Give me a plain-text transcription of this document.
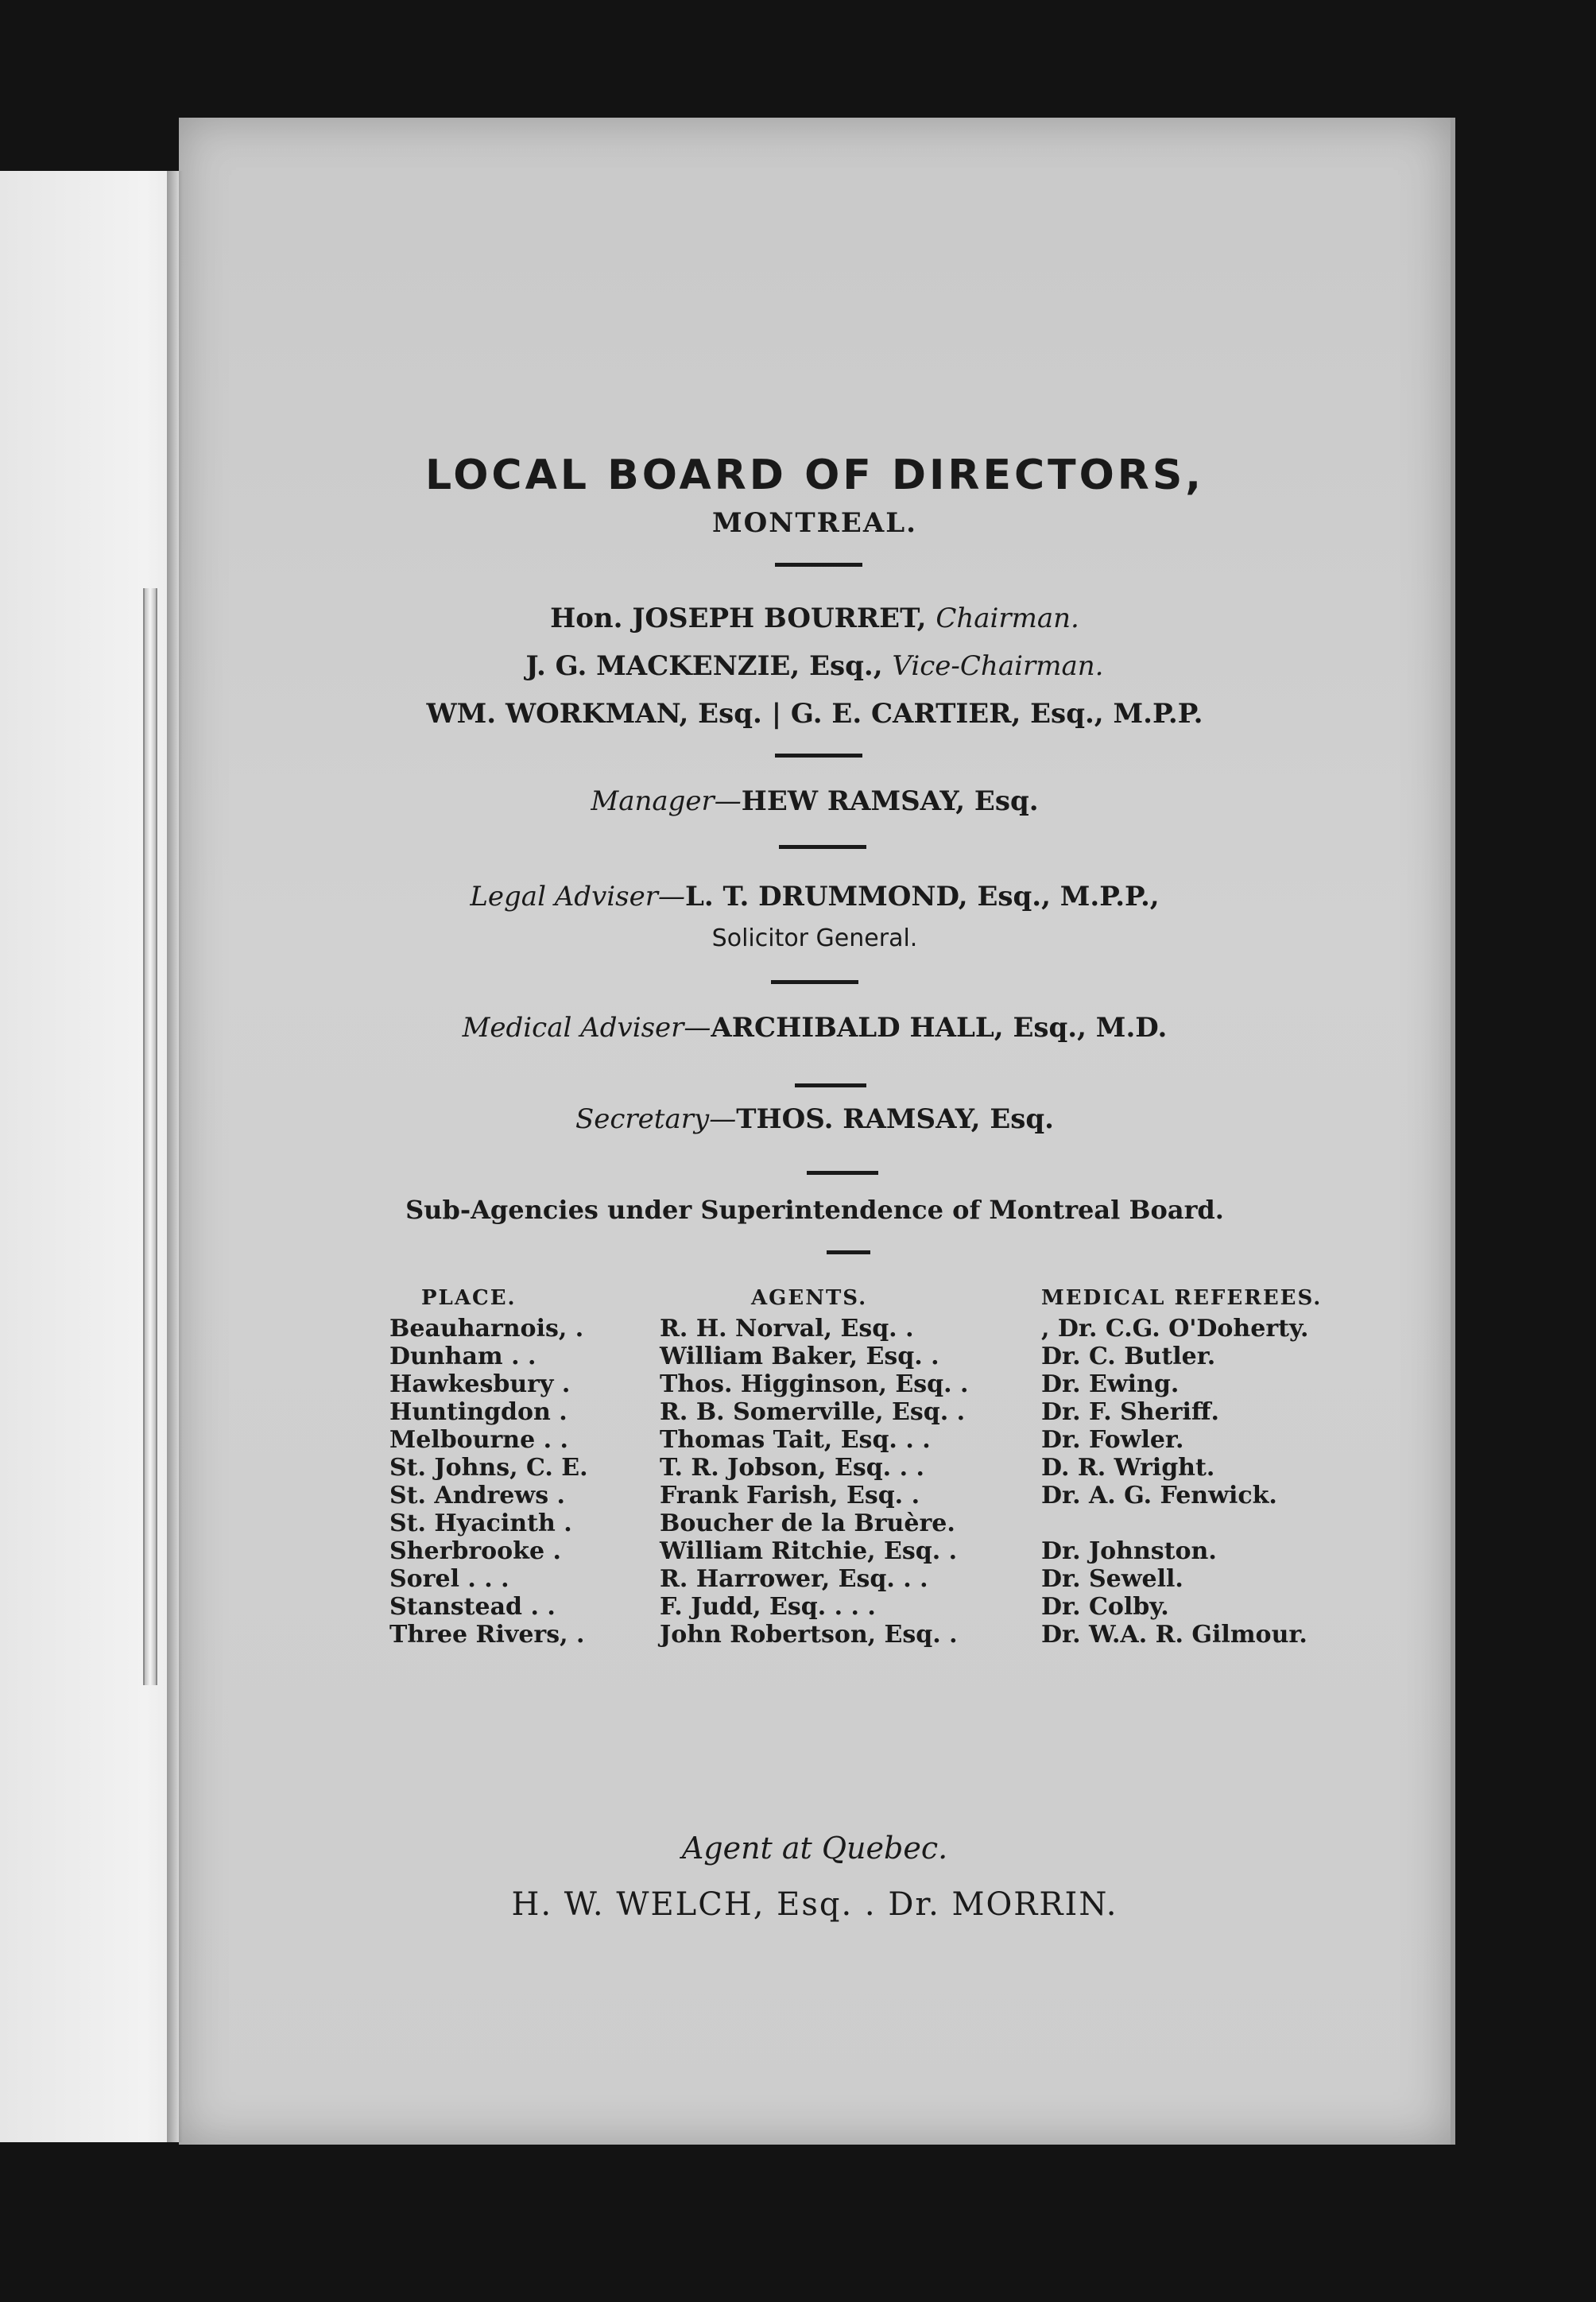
LOCAL BOARD OF DIRECTORS,
MONTREAL.
Hon. JOSEPH BOURRET, Chairman.
J. G. MACKENZIE, Esq., Vice-Chairman.
WM. WORKMAN, Esq. | G. E. CARTIER, Esq., M.P.P.
Manager—HEW RAMSAY, Esq.
Legal Adviser—L. T. DRUMMOND, Esq., M.P.P.,
Solicitor General.
Medical Adviser—ARCHIBALD HALL, Esq., M.D.
Secretary—THOS. RAMSAY, Esq.
Sub-Agencies under Superintendence of Montreal Board.
PLACE.
Beauharnois, .
Dunham . .
Hawkesbury .
Huntingdon .
Melbourne . .
St. Johns, C. E.
St. Andrews .
St. Hyacinth .
Sherbrooke .
Sorel . . .
Stanstead . .
Three Rivers, .
AGENTS.
R. H. Norval, Esq. .
William Baker, Esq. .
Thos. Higginson, Esq. .
R. B. Somerville, Esq. .
Thomas Tait, Esq. . .
T. R. Jobson, Esq. . .
Frank Farish, Esq. .
Boucher de la Bruère.
William Ritchie, Esq. .
R. Harrower, Esq. . .
F. Judd, Esq. . . .
John Robertson, Esq. .
MEDICAL REFEREES.
, Dr. C.G. O'Doherty.
Dr. C. Butler.
Dr. Ewing.
Dr. F. Sheriff.
Dr. Fowler.
D. R. Wright.
Dr. A. G. Fenwick.

Dr. Johnston.
Dr. Sewell.
Dr. Colby.
Dr. W.A. R. Gilmour.
Agent at Quebec.
H. W. WELCH, Esq. . Dr. MORRIN.
